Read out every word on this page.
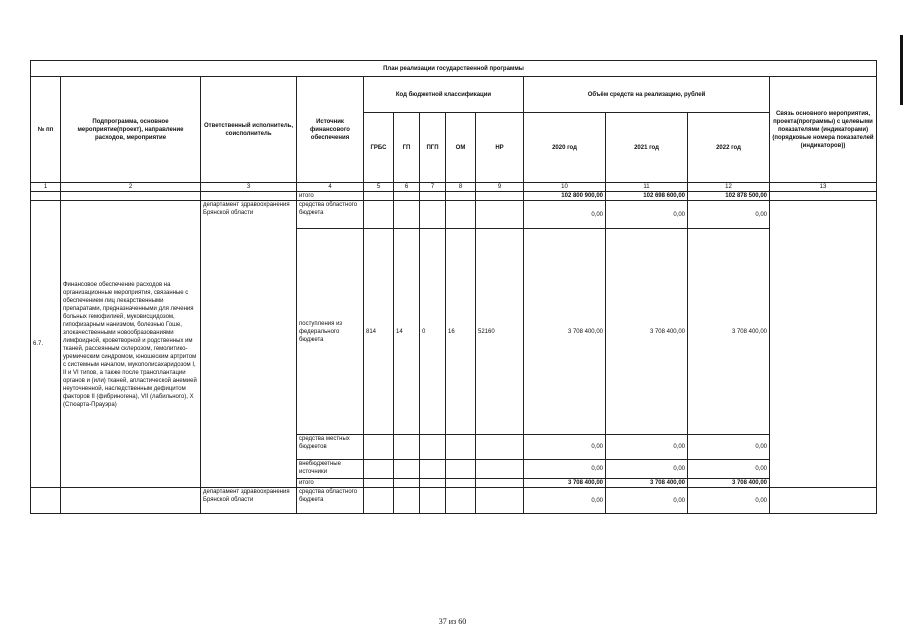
План реализации государственной программы												
№ пп	Подпрограмма, основное мероприятие(проект), направление расходов, мероприятие	Ответственный исполнитель, соисполнитель	Источник финансового обеспечения	Код бюджетной классификации					Объём средств на реализацию, рублей			Связь основного мероприятия, проекта(программы) с целевыми показателями (индикаторами) (порядковые номера показателей (индикаторов))
				ГРБС	ГП	ПГП	ОМ	НР	2020 год	2021 год	2022 год	
1	2	3	4	5	6	7	8	9	10	11	12	13
			итого						102 800 900,00	102 698 600,00	102 878 500,00	
6.7.	Финансовое обеспечение расходов на организационные мероприятия, связанные с обеспечением лиц лекарственными препаратами, предназначенными для лечения больных гемофилией, муковисцидозом, гипофизарным нанизмом, болезнью Гоше, злокачественными новообразованиями лимфоидной, кроветворной и родственных им тканей, рассеянным склерозом, гемолитико-уремическим синдромом, юношеским артритом с системным началом, мукополисахаридозом I, II и VI типов, а также после трансплантации органов и (или) тканей, апластической анемией неуточненной, наследственным дефицитом факторов II (фибриногена), VII (лабильного), X (Стюарта-Прауэра)	департамент здравоохранения Брянской области	средства областного бюджета						0,00	0,00	0,00	
			поступления из федерального бюджета	814	14	0	16	52160	3 708 400,00	3 708 400,00	3 708 400,00	
			средства местных бюджетов						0,00	0,00	0,00	
			внебюджетные источники						0,00	0,00	0,00	
			итого						3 708 400,00	3 708 400,00	3 708 400,00	
		департамент здравоохранения Брянской области	средства областного бюджета						0,00	0,00	0,00	
37 из 60
